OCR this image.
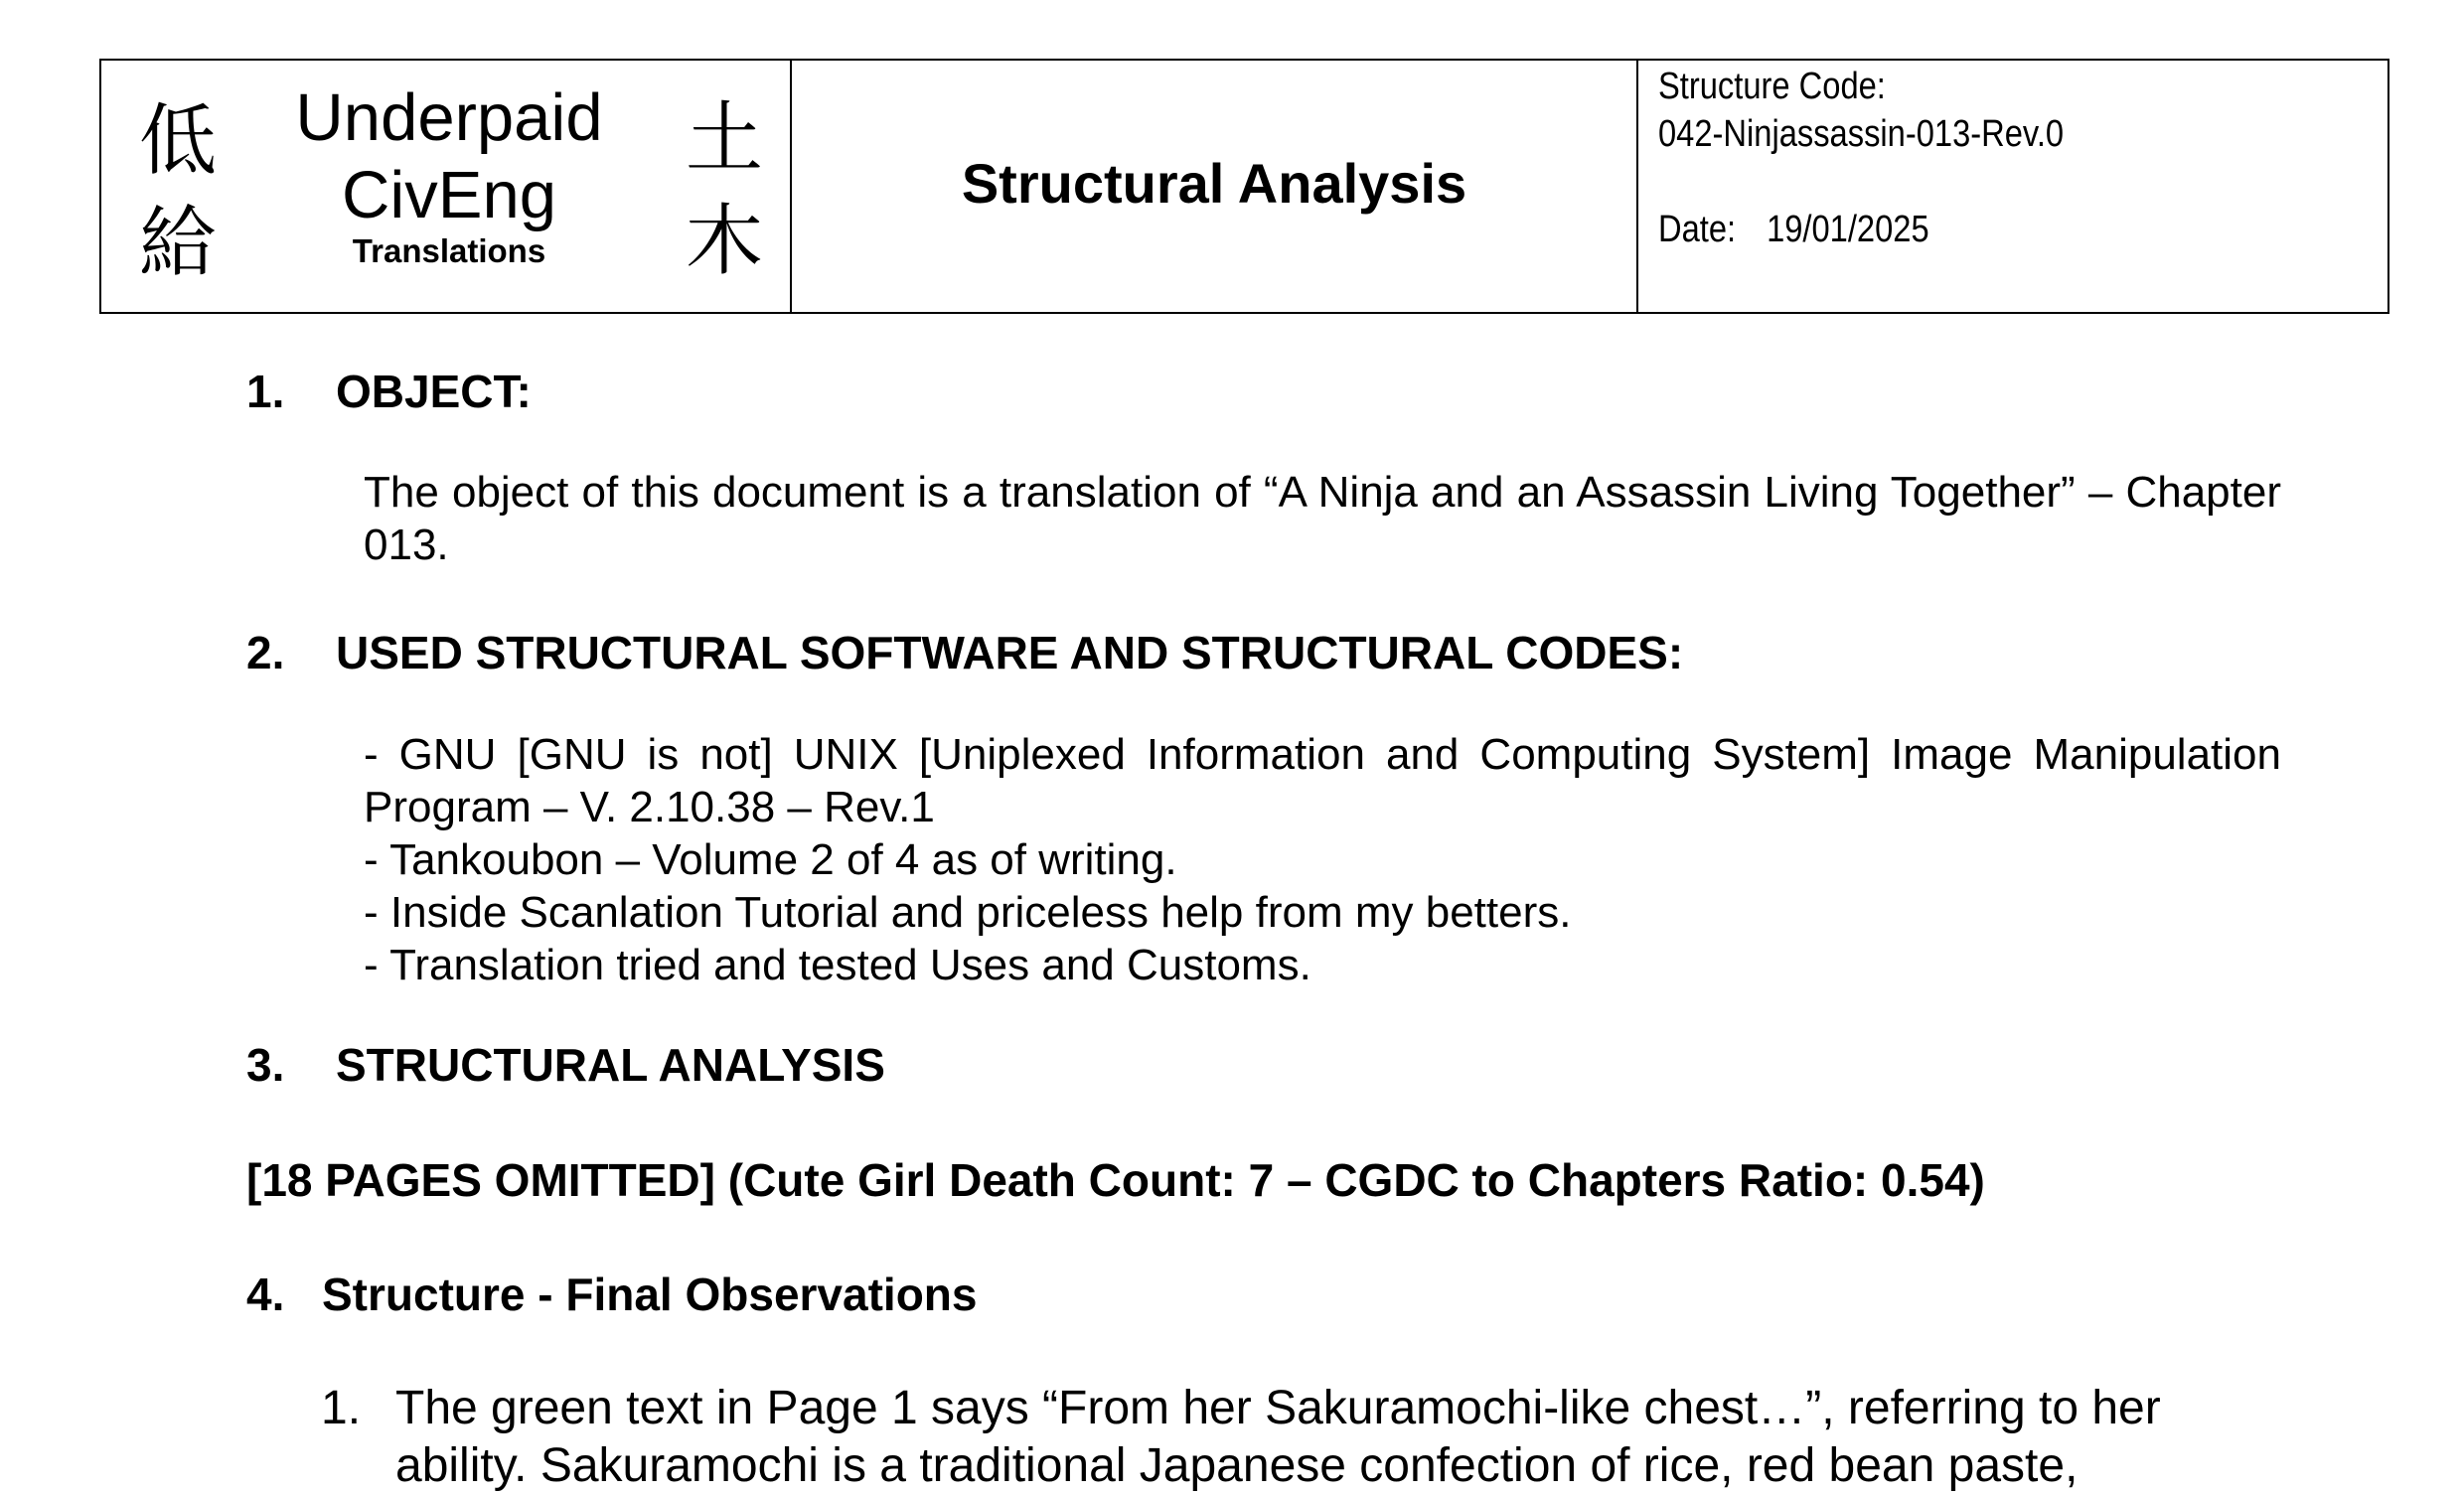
低
給
Underpaid
CivEng
Translations
土
木
Structural Analysis
Structure Code:
042-Ninjassassin-013-Rev.0
Date: 19/01/2025
1. OBJECT:
The object of this document is a translation of “A Ninja and an Assassin Living Together” – Chapter 013.
2. USED STRUCTURAL SOFTWARE AND STRUCTURAL CODES:
- GNU [GNU is not] UNIX [Uniplexed Information and Computing System] Image Manipulation
Program – V. 2.10.38 – Rev.1
- Tankoubon – Volume 2 of 4 as of writing.
- Inside Scanlation Tutorial and priceless help from my betters.
- Translation tried and tested Uses and Customs.
3. STRUCTURAL ANALYSIS
[18 PAGES OMITTED] (Cute Girl Death Count: 7 – CGDC to Chapters Ratio: 0.54)
4. Structure - Final Observations
1. The green text in Page 1 says “From her Sakuramochi-like chest…”, referring to her ability. Sakuramochi is a traditional Japanese confection of rice, red bean paste,
